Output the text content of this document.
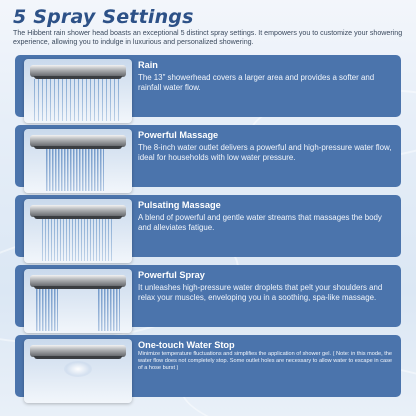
5 Spray Settings

The Hibbent rain shower head boasts an exceptional 5 distinct spray settings. It empowers you to customize your showering experience, allowing you to indulge in luxurious and personalized showering.

Rain
The 13" showerhead covers a larger area and provides a softer and rainfall water flow.
Powerful Massage
The 8-inch water outlet delivers a powerful and high-pressure water flow, ideal for households with low water pressure.
Pulsating Massage
A blend of powerful and gentle water streams that massages the body and alleviates fatigue.
Powerful Spray
It unleashes high-pressure water droplets that pelt your shoulders and relax your muscles, enveloping you in a soothing, spa-like massage.
One-touch Water Stop
Minimize temperature fluctuations and simplifies the application of shower gel. ( Note: in this mode, the water flow does not completely stop. Some outlet holes are necessary to allow water to escape in case of a hose burst )
